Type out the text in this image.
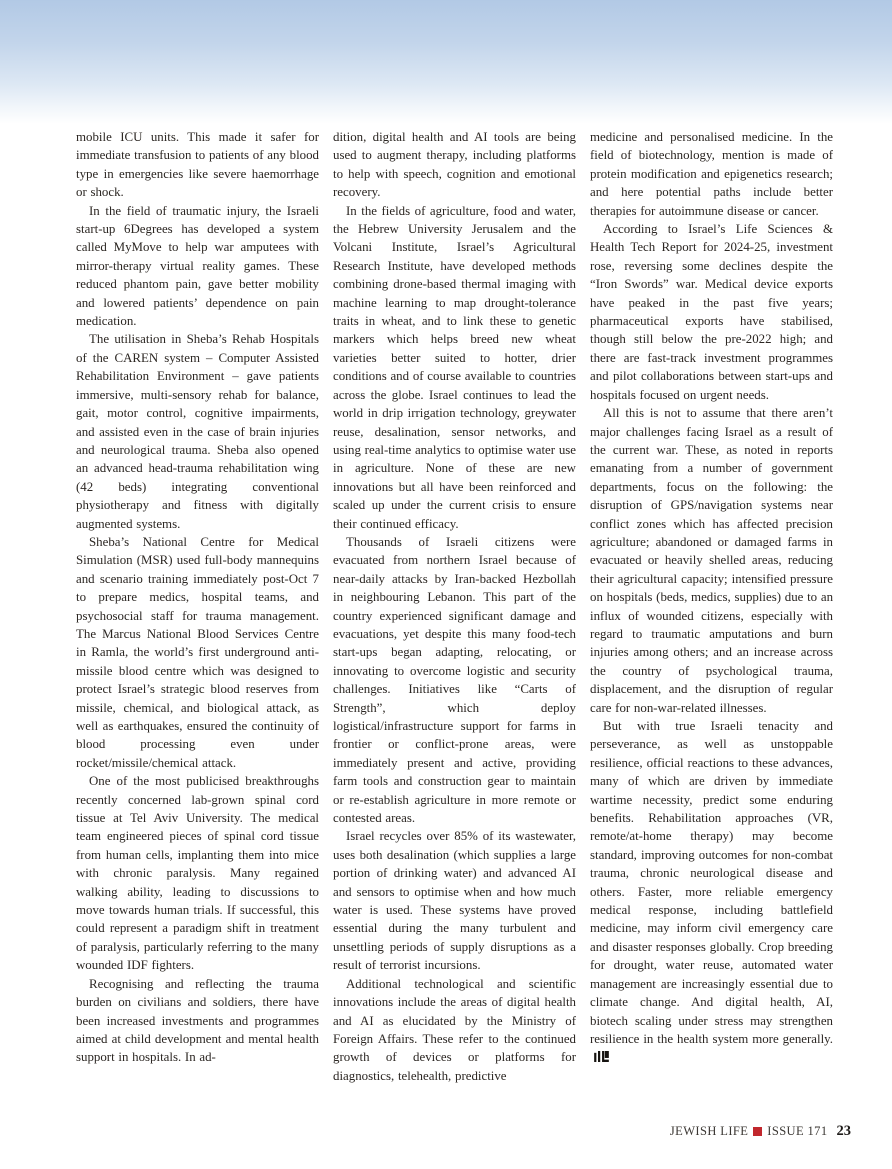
mobile ICU units. This made it safer for immediate transfusion to patients of any blood type in emergencies like severe haemorrhage or shock.

In the field of traumatic injury, the Israeli start-up 6Degrees has developed a system called MyMove to help war amputees with mirror-therapy virtual reality games. These reduced phantom pain, gave better mobility and lowered patients’ dependence on pain medication.

The utilisation in Sheba’s Rehab Hospitals of the CAREN system – Computer Assisted Rehabilitation Environment – gave patients immersive, multi-sensory rehab for balance, gait, motor control, cognitive impairments, and assisted even in the case of brain injuries and neurological trauma. Sheba also opened an advanced head-trauma rehabilitation wing (42 beds) integrating conventional physiotherapy and fitness with digitally augmented systems.

Sheba’s National Centre for Medical Simulation (MSR) used full-body mannequins and scenario training immediately post-Oct 7 to prepare medics, hospital teams, and psychosocial staff for trauma management. The Marcus National Blood Services Centre in Ramla, the world’s first underground anti-missile blood centre which was designed to protect Israel’s strategic blood reserves from missile, chemical, and biological attack, as well as earthquakes, ensured the continuity of blood processing even under rocket/missile/chemical attack.

One of the most publicised breakthroughs recently concerned lab-grown spinal cord tissue at Tel Aviv University. The medical team engineered pieces of spinal cord tissue from human cells, implanting them into mice with chronic paralysis. Many regained walking ability, leading to discussions to move towards human trials. If successful, this could represent a paradigm shift in treatment of paralysis, particularly referring to the many wounded IDF fighters.

Recognising and reflecting the trauma burden on civilians and soldiers, there have been increased investments and programmes aimed at child development and mental health support in hospitals. In ad-

dition, digital health and AI tools are being used to augment therapy, including platforms to help with speech, cognition and emotional recovery.

In the fields of agriculture, food and water, the Hebrew University Jerusalem and the Volcani Institute, Israel’s Agricultural Research Institute, have developed methods combining drone-based thermal imaging with machine learning to map drought-tolerance traits in wheat, and to link these to genetic markers which helps breed new wheat varieties better suited to hotter, drier conditions and of course available to countries across the globe. Israel continues to lead the world in drip irrigation technology, greywater reuse, desalination, sensor networks, and using real-time analytics to optimise water use in agriculture. None of these are new innovations but all have been reinforced and scaled up under the current crisis to ensure their continued efficacy.

Thousands of Israeli citizens were evacuated from northern Israel because of near-daily attacks by Iran-backed Hezbollah in neighbouring Lebanon. This part of the country experienced significant damage and evacuations, yet despite this many food-tech start-ups began adapting, relocating, or innovating to overcome logistic and security challenges. Initiatives like “Carts of Strength”, which deploy logistical/infrastructure support for farms in frontier or conflict-prone areas, were immediately present and active, providing farm tools and construction gear to maintain or re-establish agriculture in more remote or contested areas.

Israel recycles over 85% of its wastewater, uses both desalination (which supplies a large portion of drinking water) and advanced AI and sensors to optimise when and how much water is used. These systems have proved essential during the many turbulent and unsettling periods of supply disruptions as a result of terrorist incursions.

Additional technological and scientific innovations include the areas of digital health and AI as elucidated by the Ministry of Foreign Affairs. These refer to the continued growth of devices or platforms for diagnostics, telehealth, predictive

medicine and personalised medicine. In the field of biotechnology, mention is made of protein modification and epigenetics research; and here potential paths include better therapies for autoimmune disease or cancer.

According to Israel’s Life Sciences & Health Tech Report for 2024-25, investment rose, reversing some declines despite the “Iron Swords” war. Medical device exports have peaked in the past five years; pharmaceutical exports have stabilised, though still below the pre-2022 high; and there are fast-track investment programmes and pilot collaborations between start-ups and hospitals focused on urgent needs.

All this is not to assume that there aren’t major challenges facing Israel as a result of the current war. These, as noted in reports emanating from a number of government departments, focus on the following: the disruption of GPS/navigation systems near conflict zones which has affected precision agriculture; abandoned or damaged farms in evacuated or heavily shelled areas, reducing their agricultural capacity; intensified pressure on hospitals (beds, medics, supplies) due to an influx of wounded citizens, especially with regard to traumatic amputations and burn injuries among others; and an increase across the country of psychological trauma, displacement, and the disruption of regular care for non-war-related illnesses.

But with true Israeli tenacity and perseverance, as well as unstoppable resilience, official reactions to these advances, many of which are driven by immediate wartime necessity, predict some enduring benefits. Rehabilitation approaches (VR, remote/at-home therapy) may become standard, improving outcomes for non-combat trauma, chronic neurological disease and others. Faster, more reliable emergency medical response, including battlefield medicine, may inform civil emergency care and disaster responses globally. Crop breeding for drought, water reuse, automated water management are increasingly essential due to climate change. And digital health, AI, biotech scaling under stress may strengthen resilience in the health system more generally.

JEWISH LIFE ISSUE 171 23
